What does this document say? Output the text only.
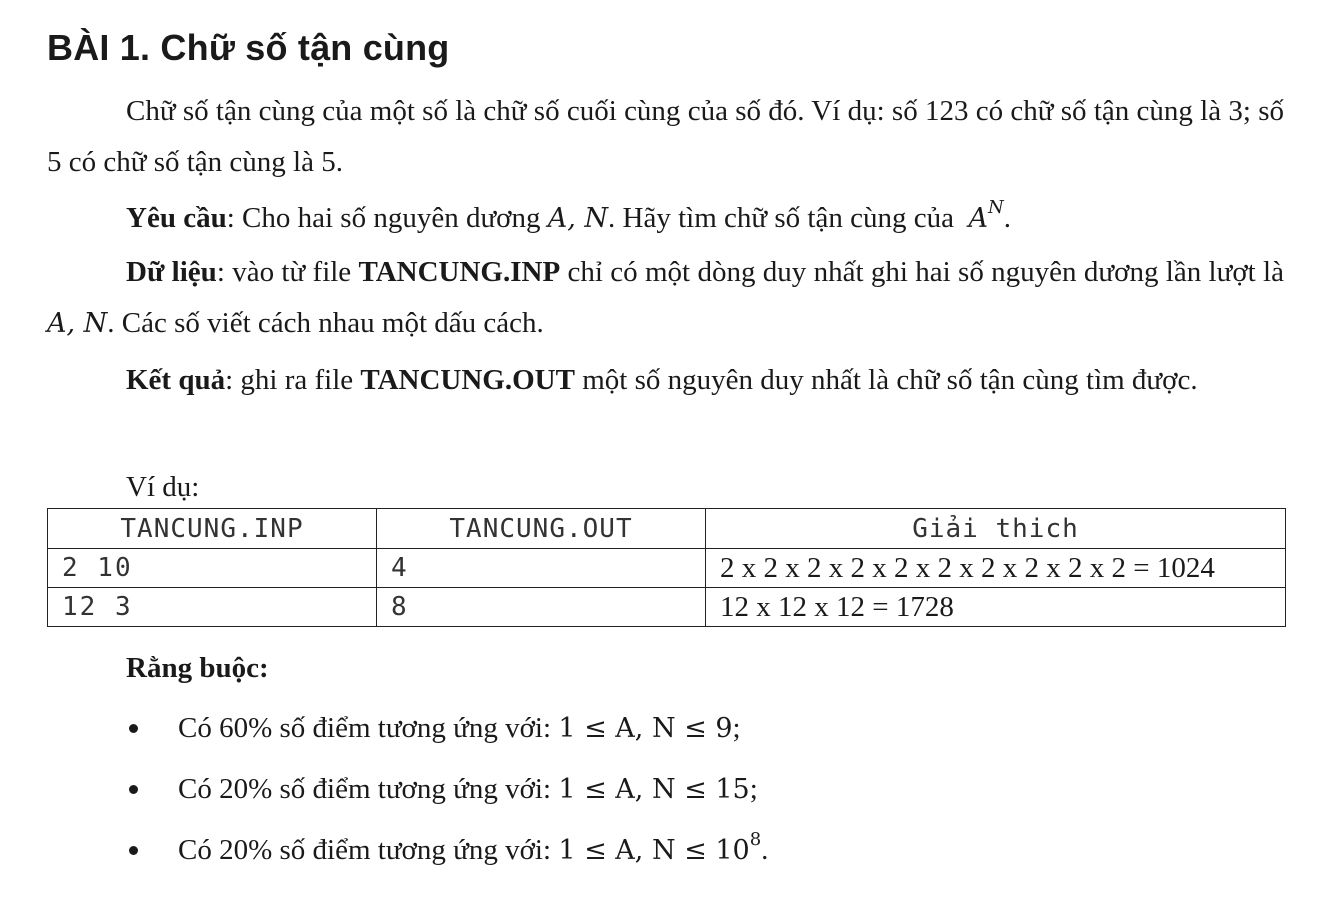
BÀI 1. Chữ số tận cùng

Chữ số tận cùng của một số là chữ số cuối cùng của số đó. Ví dụ: số 123 có chữ số tận cùng là 3; số 5 có chữ số tận cùng là 5.

Yêu cầu: Cho hai số nguyên dương A, N. Hãy tìm chữ số tận cùng của  $A^N$.

Dữ liệu: vào từ file TANCUNG.INP chỉ có một dòng duy nhất ghi hai số nguyên dương lần lượt là A, N. Các số viết cách nhau một dấu cách.

Kết quả: ghi ra file TANCUNG.OUT một số nguyên duy nhất là chữ số tận cùng tìm được.

Ví dụ:

TANCUNG.INP	TANCUNG.OUT	Giải thich
2 10	4	2 x 2 x 2 x 2 x 2 x 2 x 2 x 2 x 2 x 2 = 1024
12 3	8	12 x 12 x 12 = 1728

Rằng buộc:

Có 60% số điểm tương ứng với: 1 ≤ A, N ≤ 9;
Có 20% số điểm tương ứng với: 1 ≤ A, N ≤ 15;
Có 20% số điểm tương ứng với: 1 ≤ A, $N \le 10^8$.
